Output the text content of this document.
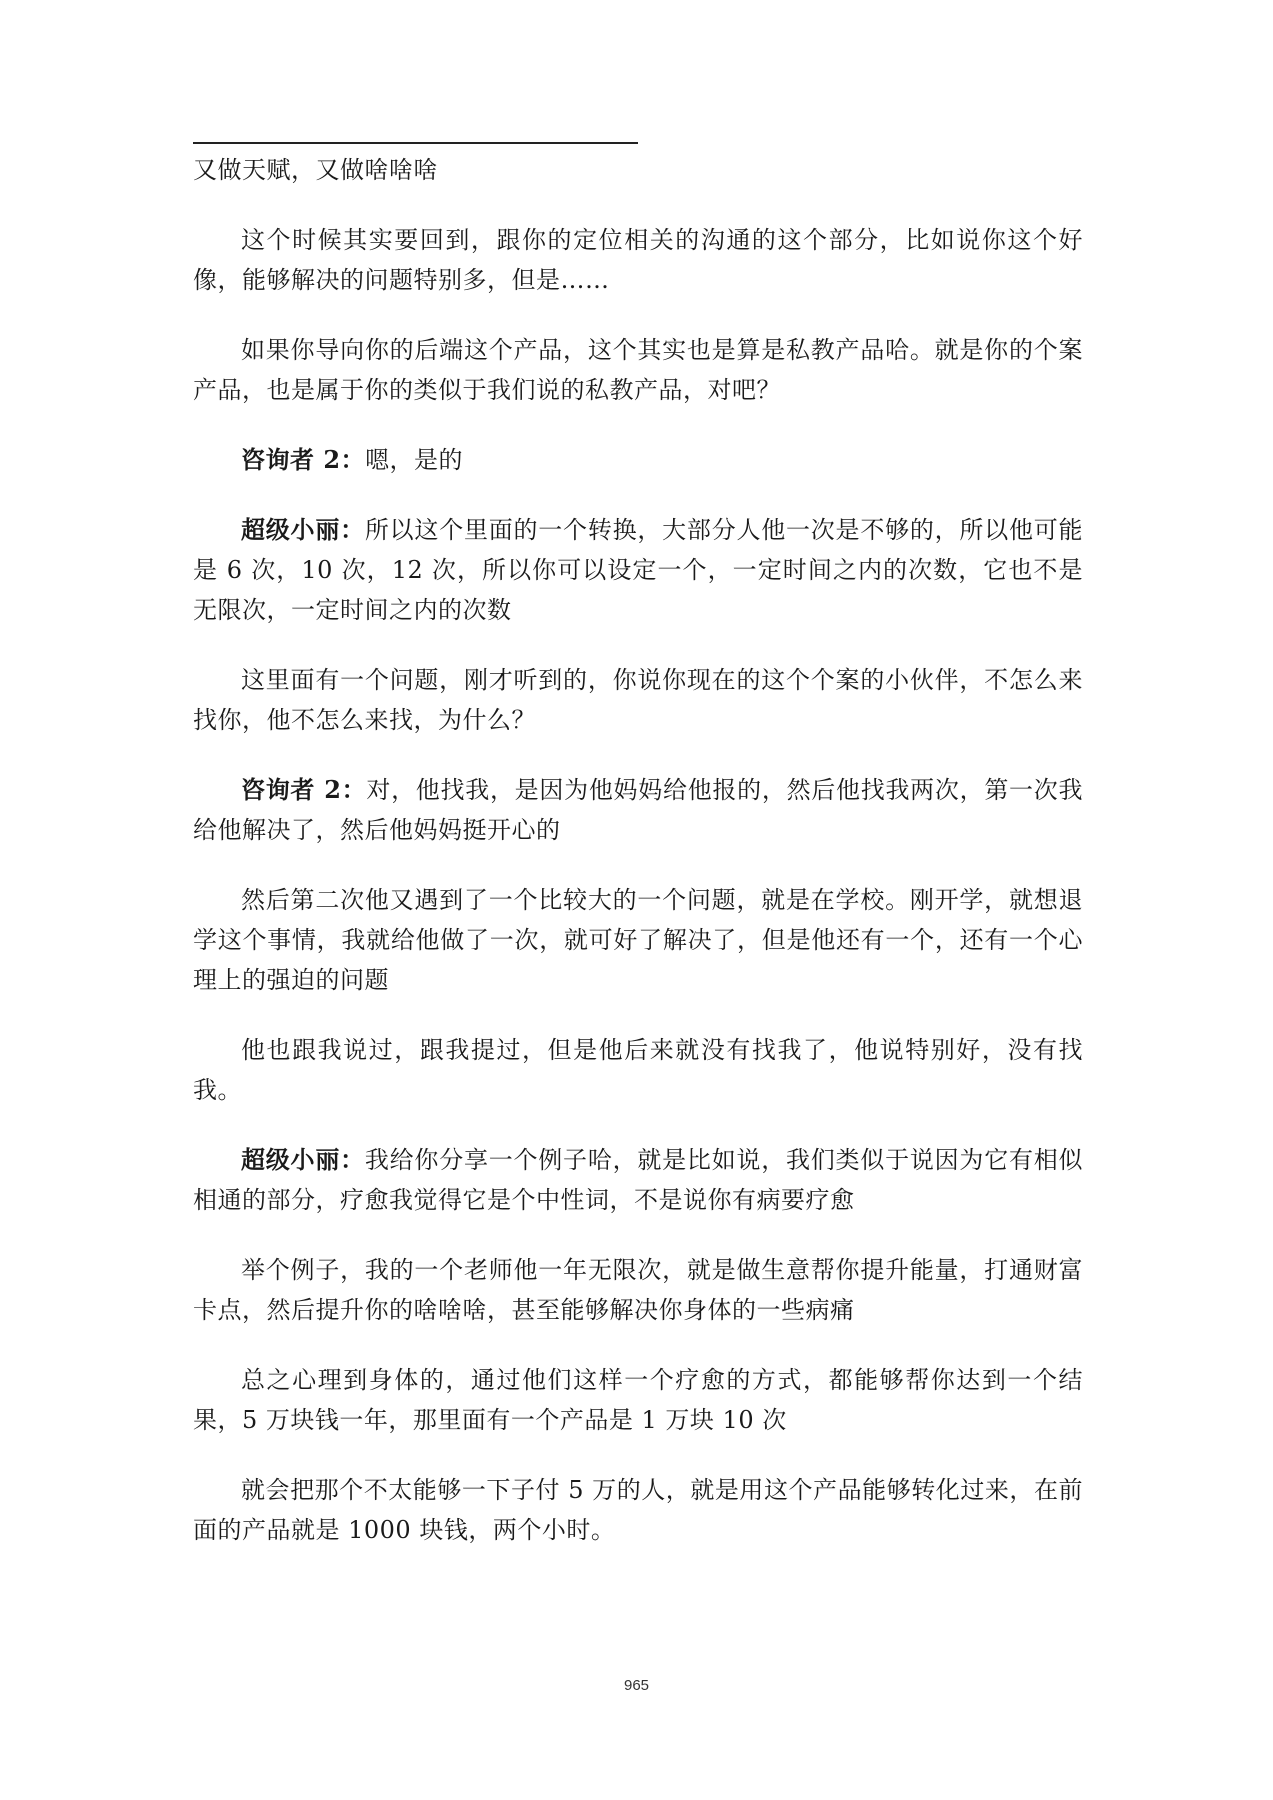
又做天赋，又做啥啥啥

这个时候其实要回到，跟你的定位相关的沟通的这个部分，比如说你这个好像，能够解决的问题特别多，但是……

如果你导向你的后端这个产品，这个其实也是算是私教产品哈。就是你的个案产品，也是属于你的类似于我们说的私教产品，对吧？

咨询者 2：嗯，是的

超级小丽：所以这个里面的一个转换，大部分人他一次是不够的，所以他可能是 6 次，10 次，12 次，所以你可以设定一个，一定时间之内的次数，它也不是无限次，一定时间之内的次数

这里面有一个问题，刚才听到的，你说你现在的这个个案的小伙伴，不怎么来找你，他不怎么来找，为什么？

咨询者 2：对，他找我，是因为他妈妈给他报的，然后他找我两次，第一次我给他解决了，然后他妈妈挺开心的

然后第二次他又遇到了一个比较大的一个问题，就是在学校。刚开学，就想退学这个事情，我就给他做了一次，就可好了解决了，但是他还有一个，还有一个心理上的强迫的问题

他也跟我说过，跟我提过，但是他后来就没有找我了，他说特别好，没有找我。

超级小丽：我给你分享一个例子哈，就是比如说，我们类似于说因为它有相似相通的部分，疗愈我觉得它是个中性词，不是说你有病要疗愈

举个例子，我的一个老师他一年无限次，就是做生意帮你提升能量，打通财富卡点，然后提升你的啥啥啥，甚至能够解决你身体的一些病痛

总之心理到身体的，通过他们这样一个疗愈的方式，都能够帮你达到一个结果，5 万块钱一年，那里面有一个产品是 1 万块 10 次

就会把那个不太能够一下子付 5 万的人，就是用这个产品能够转化过来，在前面的产品就是 1000 块钱，两个小时。

965
